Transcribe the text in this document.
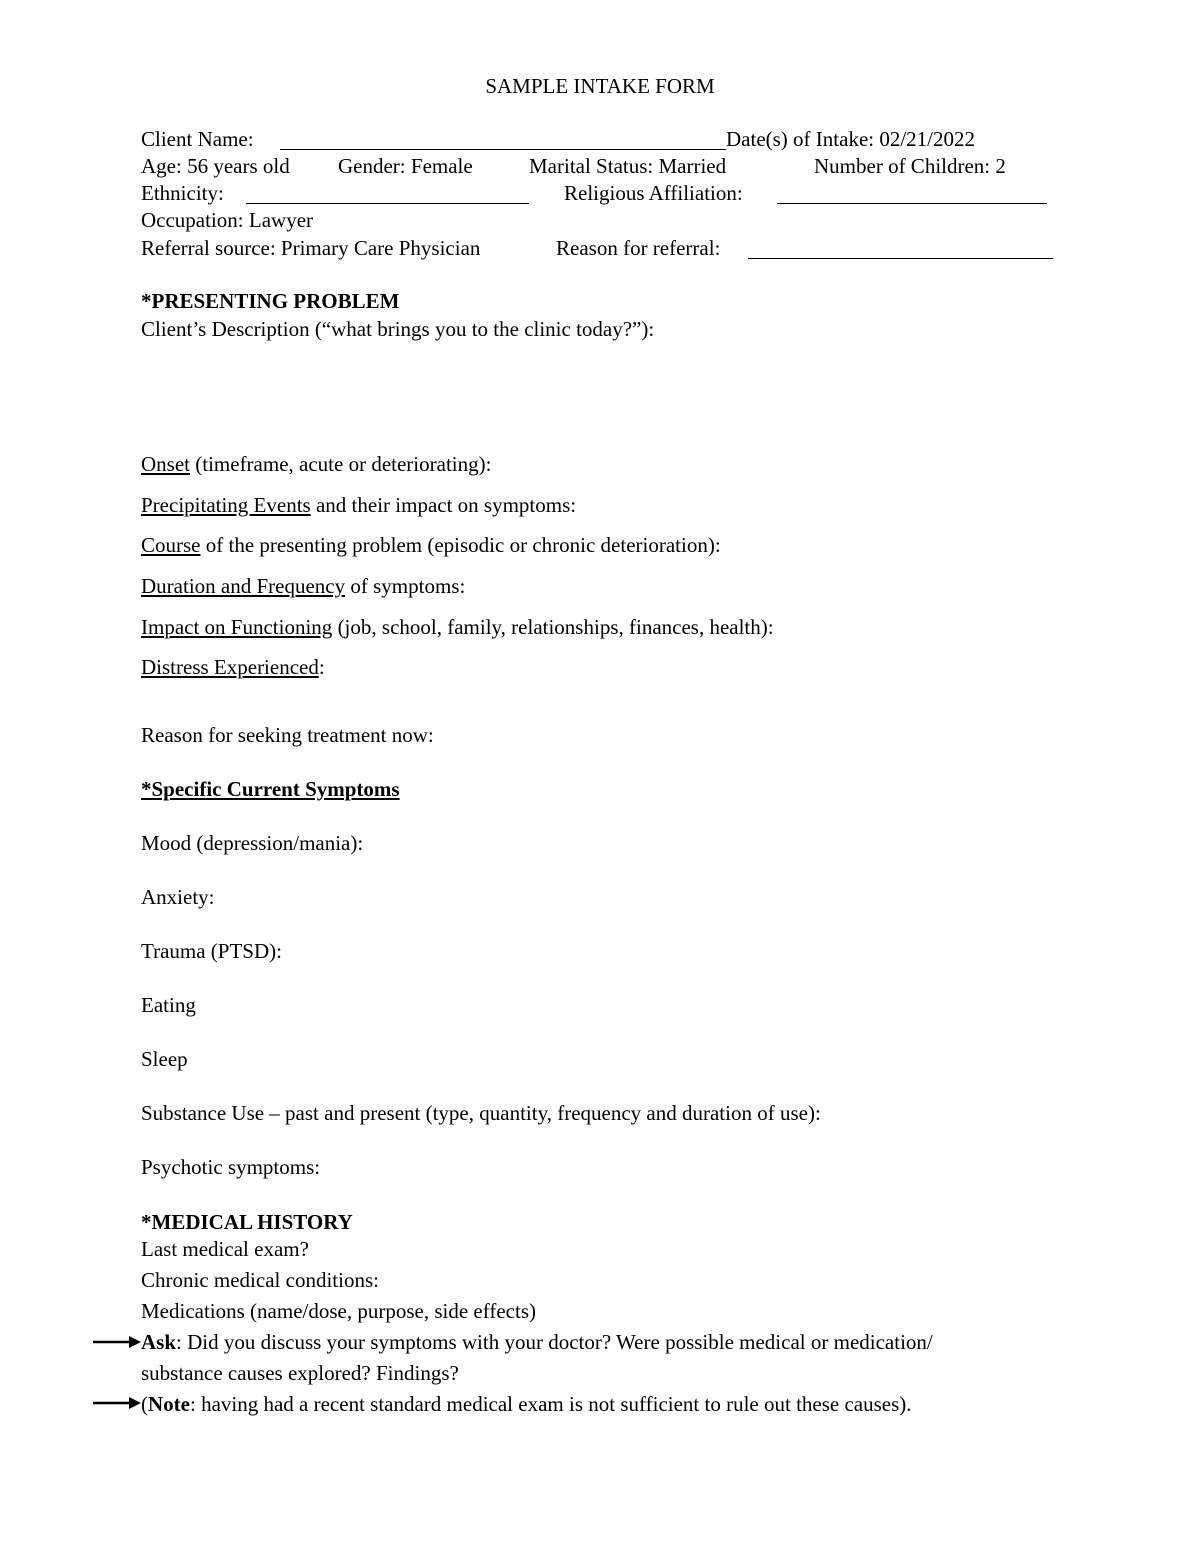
SAMPLE INTAKE FORM
Client Name:	Date(s) of Intake: 02/21/2022
Age: 56 years old Gender: Female	Marital Status: Married	Number of Children: 2
Ethnicity:	Religious Affiliation:
Occupation: Lawyer
Referral source: Primary Care Physician	Reason for referral:
*PRESENTING PROBLEM
Client’s Description (“what brings you to the clinic today?”):
Onset (timeframe, acute or deteriorating):
Precipitating Events and their impact on symptoms:
Course of the presenting problem (episodic or chronic deterioration):
Duration and Frequency of symptoms:
Impact on Functioning (job, school, family, relationships, finances, health):
Distress Experienced:
Reason for seeking treatment now:
*Specific Current Symptoms
Mood (depression/mania):
Anxiety:
Trauma (PTSD):
Eating
Sleep
Substance Use – past and present (type, quantity, frequency and duration of use):
Psychotic symptoms:
*MEDICAL HISTORY
Last medical exam?
Chronic medical conditions:
Medications (name/dose, purpose, side effects)
Ask: Did you discuss your symptoms with your doctor? Were possible medical or medication/
substance causes explored? Findings?
(Note: having had a recent standard medical exam is not sufficient to rule out these causes).
